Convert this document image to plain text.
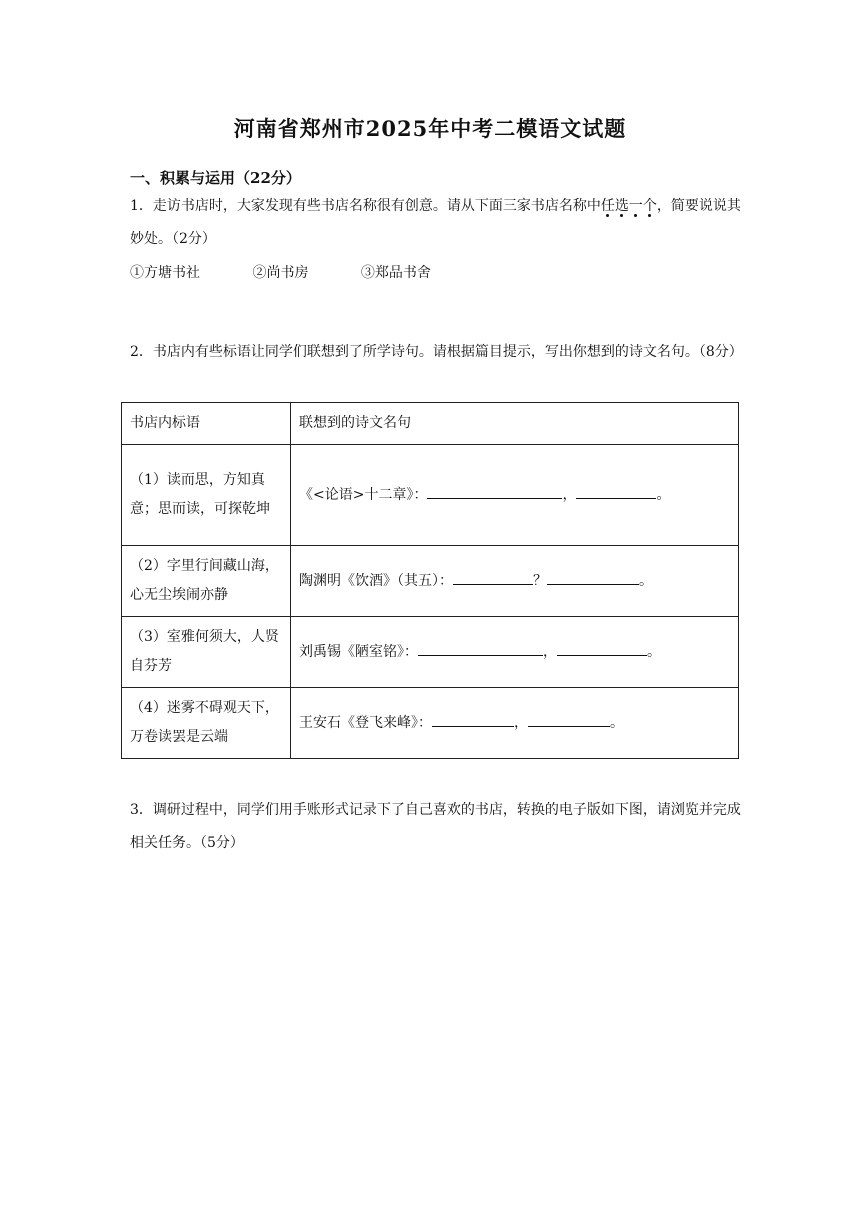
河南省郑州市2025年中考二模语文试题
一、积累与运用（22分）
1．走访书店时，大家发现有些书店名称很有创意。请从下面三家书店名称中任选一个，简要说说其妙处。（2分）
①方塘书社	②尚书房	③郑品书舍
2．书店内有些标语让同学们联想到了所学诗句。请根据篇目提示，写出你想到的诗文名句。（8分）
书店内标语	联想到的诗文名句
（1）读而思，方知真意；思而读，可探乾坤	《<论语>十二章》： ， 。
（2）字里行间藏山海，心无尘埃闹亦静	陶渊明《饮酒》（其五）： ？ 。
（3）室雅何须大，人贤自芬芳	刘禹锡《陋室铭》： ， 。
（4）迷雾不碍观天下，万卷读罢是云端	王安石《登飞来峰》： ， 。
3．调研过程中，同学们用手账形式记录下了自己喜欢的书店，转换的电子版如下图，请浏览并完成相关任务。（5分）
